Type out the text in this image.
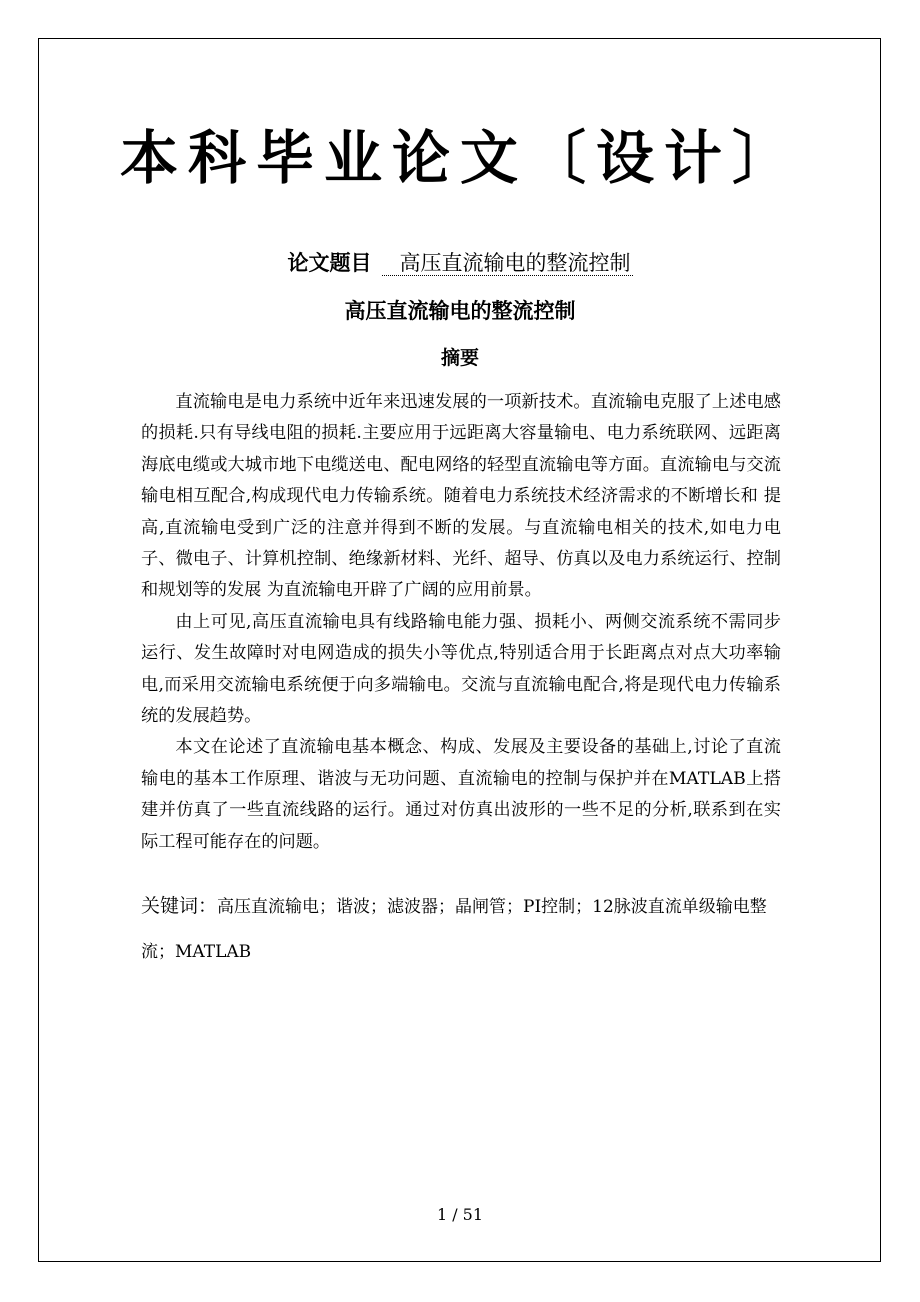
本科毕业论文〔设计〕
论文题目 高压直流输电的整流控制
高压直流输电的整流控制
摘要

直流输电是电力系统中近年来迅速发展的一项新技术。直流输电克服了上述电感的损耗.只有导线电阻的损耗.主要应用于远距离大容量输电、电力系统联网、远距离海底电缆或大城市地下电缆送电、配电网络的轻型直流输电等方面。直流输电与交流输电相互配合,构成现代电力传输系统。随着电力系统技术经济需求的不断增长和 提高,直流输电受到广泛的注意并得到不断的发展。与直流输电相关的技术,如电力电子、微电子、计算机控制、绝缘新材料、光纤、超导、仿真以及电力系统运行、控制和规划等的发展 为直流输电开辟了广阔的应用前景。

由上可见,高压直流输电具有线路输电能力强、损耗小、两侧交流系统不需同步运行、发生故障时对电网造成的损失小等优点,特别适合用于长距离点对点大功率输电,而采用交流输电系统便于向多端输电。交流与直流输电配合,将是现代电力传输系统的发展趋势。

本文在论述了直流输电基本概念、构成、发展及主要设备的基础上,讨论了直流输电的基本工作原理、谐波与无功问题、直流输电的控制与保护并在MATLAB上搭建并仿真了一些直流线路的运行。通过对仿真出波形的一些不足的分析,联系到在实际工程可能存在的问题。

关键词：高压直流输电；谐波；滤波器；晶闸管；PI控制；12脉波直流单级输电整流；MATLAB
1 / 51
